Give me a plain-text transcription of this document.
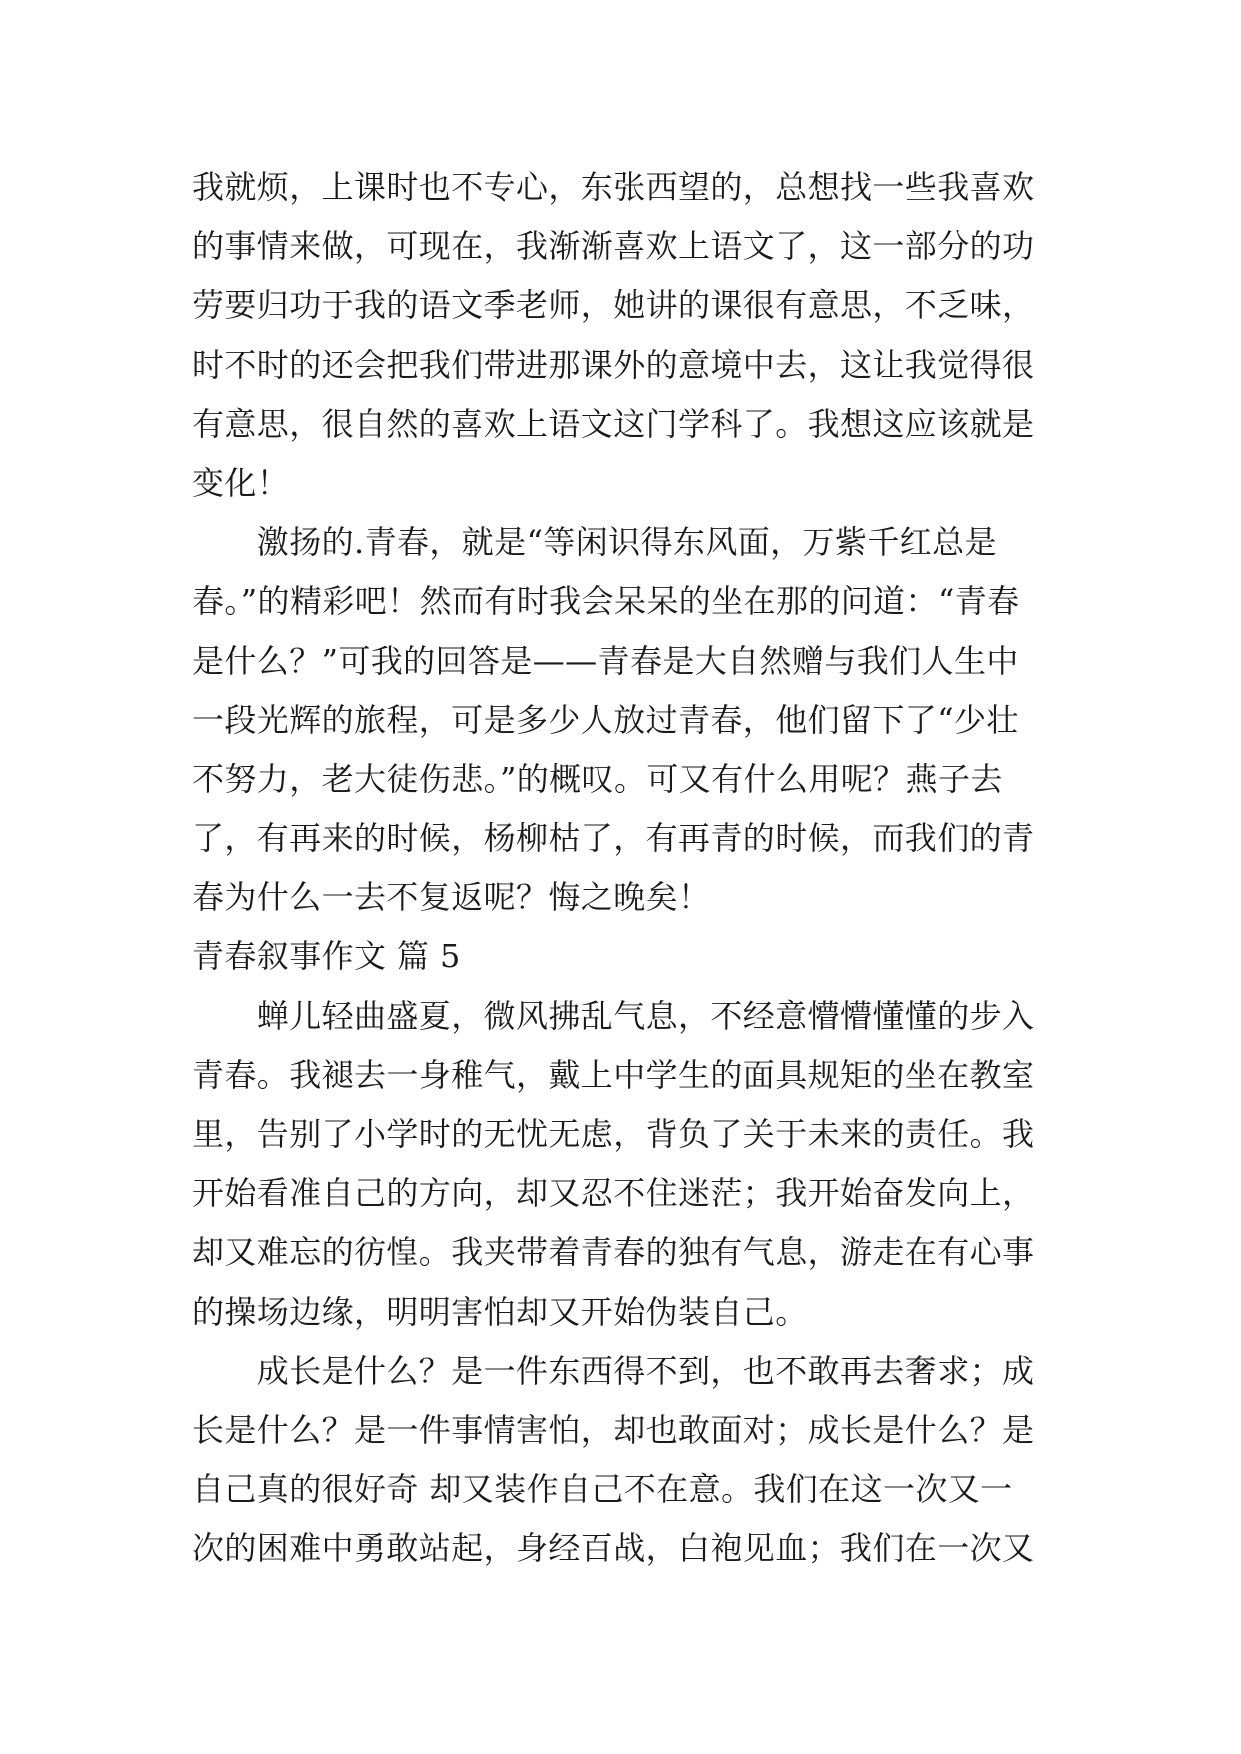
我就烦，上课时也不专心，东张西望的，总想找一些我喜欢
的事情来做，可现在，我渐渐喜欢上语文了，这一部分的功
劳要归功于我的语文季老师，她讲的课很有意思，不乏味，
时不时的还会把我们带进那课外的意境中去，这让我觉得很
有意思，很自然的喜欢上语文这门学科了。我想这应该就是
变化！
　　激扬的.青春，就是“等闲识得东风面，万紫千红总是
春。”的精彩吧！然而有时我会呆呆的坐在那的问道：“青春
是什么？”可我的回答是——青春是大自然赠与我们人生中
一段光辉的旅程，可是多少人放过青春，他们留下了“少壮
不努力，老大徒伤悲。”的概叹。可又有什么用呢？燕子去
了，有再来的时候，杨柳枯了，有再青的时候，而我们的青
春为什么一去不复返呢？悔之晚矣！
青春叙事作文 篇 5
　　蝉儿轻曲盛夏，微风拂乱气息，不经意懵懵懂懂的步入
青春。我褪去一身稚气，戴上中学生的面具规矩的坐在教室
里，告别了小学时的无忧无虑，背负了关于未来的责任。我
开始看准自己的方向，却又忍不住迷茫；我开始奋发向上，
却又难忘的彷惶。我夹带着青春的独有气息，游走在有心事
的操场边缘，明明害怕却又开始伪装自己。
　　成长是什么？是一件东西得不到，也不敢再去奢求；成
长是什么？是一件事情害怕，却也敢面对；成长是什么？是
自己真的很好奇 却又装作自己不在意。我们在这一次又一
次的困难中勇敢站起，身经百战，白袍见血；我们在一次又
